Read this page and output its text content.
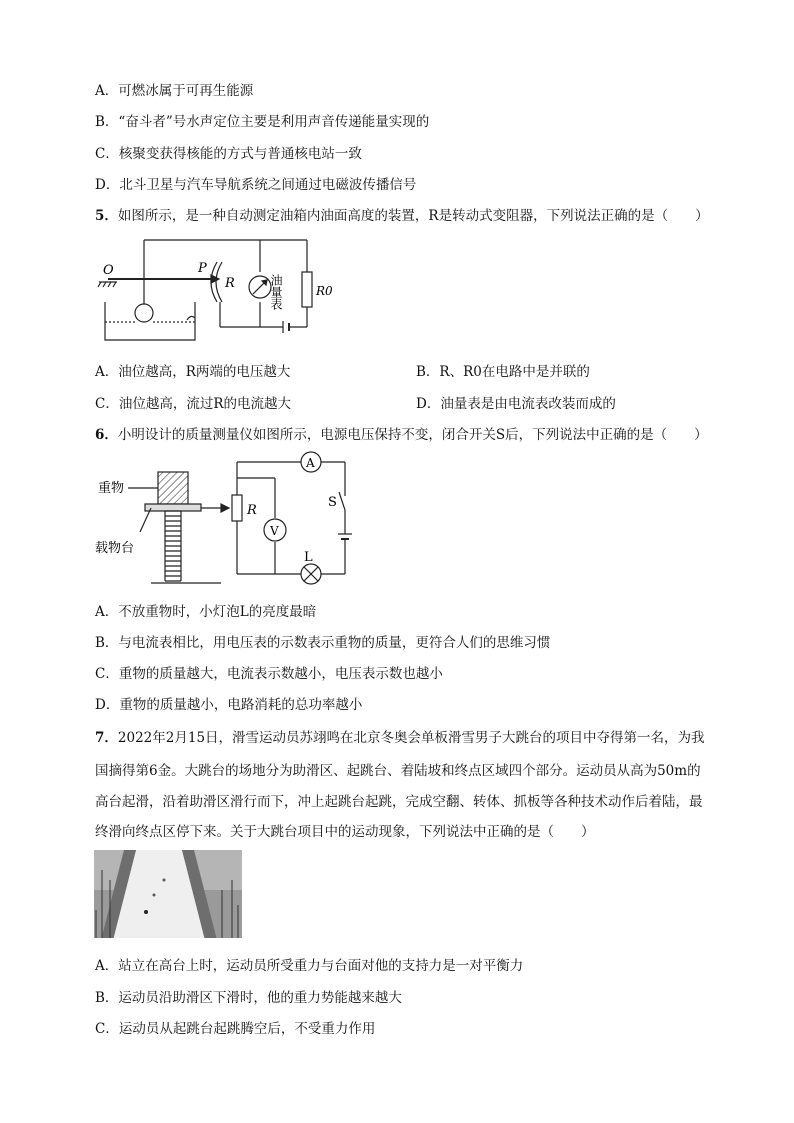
A．可燃冰属于可再生能源
B．“奋斗者”号水声定位主要是利用声音传递能量实现的
C．核聚变获得核能的方式与普通核电站一致
D．北斗卫星与汽车导航系统之间通过电磁波传播信号
5．如图所示，是一种自动测定油箱内油面高度的装置，R是转动式变阻器，下列说法正确的是（　　）
O	P
R	油量表	R0
A．油位越高，R两端的电压越大	B．R、R0在电路中是并联的
C．油位越高，流过R的电流越大	D．油量表是由电流表改装而成的
6．小明设计的质量测量仪如图所示，电源电压保持不变，闭合开关S后，下列说法中正确的是（　　）
重物
载物台
R
A
V
S
L
A．不放重物时，小灯泡L的亮度最暗
B．与电流表相比，用电压表的示数表示重物的质量，更符合人们的思维习惯
C．重物的质量越大，电流表示数越小，电压表示数也越小
D．重物的质量越小，电路消耗的总功率越小
7．2022年2月15日，滑雪运动员苏翊鸣在北京冬奥会单板滑雪男子大跳台的项目中夺得第一名，为我
国摘得第6金。大跳台的场地分为助滑区、起跳台、着陆坡和终点区域四个部分。运动员从高为50m的
高台起滑，沿着助滑区滑行而下，冲上起跳台起跳，完成空翻、转体、抓板等各种技术动作后着陆，最
终滑向终点区停下来。关于大跳台项目中的运动现象，下列说法中正确的是（　　）
A．站立在高台上时，运动员所受重力与台面对他的支持力是一对平衡力
B．运动员沿助滑区下滑时，他的重力势能越来越大
C．运动员从起跳台起跳腾空后，不受重力作用
